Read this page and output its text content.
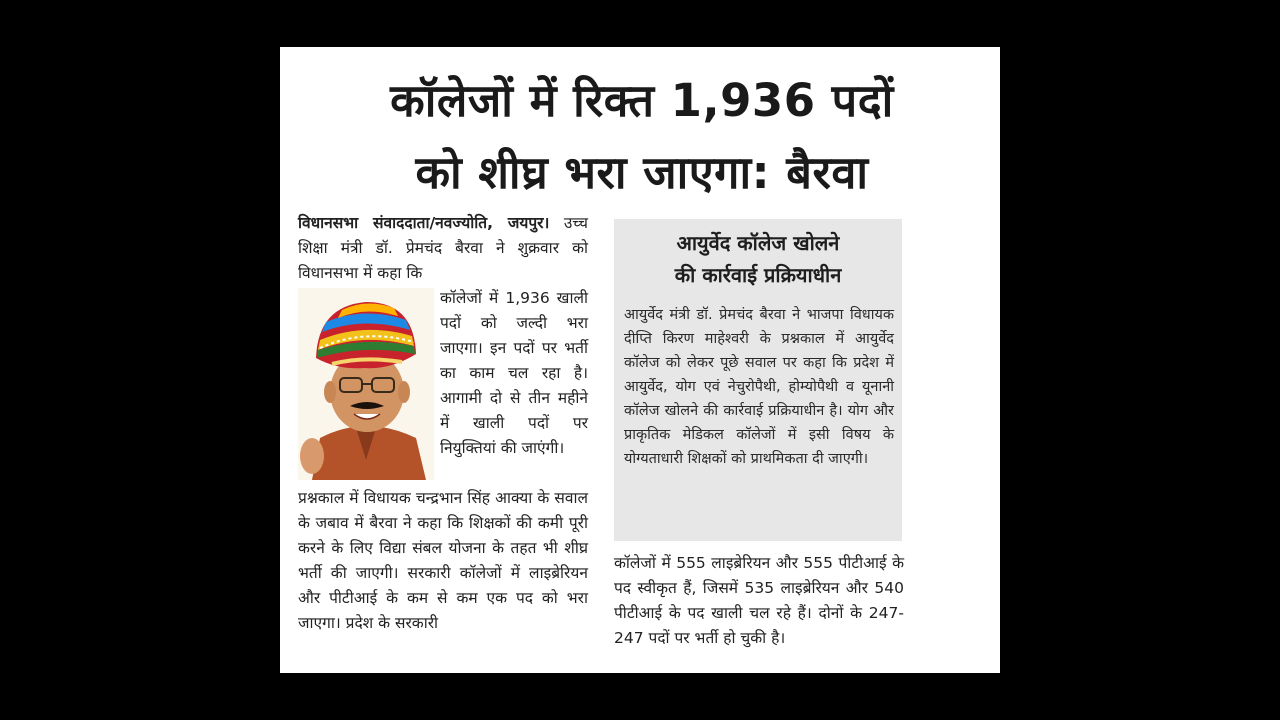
कॉलेजों में रिक्त 1,936 पदों
को शीघ्र भरा जाएगा: बैरवा
विधानसभा संवाददाता/नवज्योति, जयपुर। उच्च शिक्षा मंत्री डॉ. प्रेमचंद बैरवा ने शुक्रवार को विधानसभा में कहा कि
कॉलेजों में 1,936 खाली पदों को जल्दी भरा जाएगा। इन पदों पर भर्ती का काम चल रहा है। आगामी दो से तीन महीने में खाली पदों पर नियुक्तियां की जाएंगी।
प्रश्नकाल में विधायक चन्द्रभान सिंह आक्या के सवाल के जबाव में बैरवा ने कहा कि शिक्षकों की कमी पूरी करने के लिए विद्या संबल योजना के तहत भी शीघ्र भर्ती की जाएगी। सरकारी कॉलेजों में लाइब्रेरियन और पीटीआई के कम से कम एक पद को भरा जाएगा। प्रदेश के सरकारी
आयुर्वेद कॉलेज खोलने
की कार्रवाई प्रक्रियाधीन
आयुर्वेद मंत्री डॉ. प्रेमचंद बैरवा ने भाजपा विधायक दीप्ति किरण माहेश्वरी के प्रश्नकाल में आयुर्वेद कॉलेज को लेकर पूछे सवाल पर कहा कि प्रदेश में आयुर्वेद, योग एवं नेचुरोपैथी, होम्योपैथी व यूनानी कॉलेज खोलने की कार्रवाई प्रक्रियाधीन है। योग और प्राकृतिक मेडिकल कॉलेजों में इसी विषय के योग्यताधारी शिक्षकों को प्राथमिकता दी जाएगी।
कॉलेजों में 555 लाइब्रेरियन और 555 पीटीआई के पद स्वीकृत हैं, जिसमें 535 लाइब्रेरियन और 540 पीटीआई के पद खाली चल रहे हैं। दोनों के 247-247 पदों पर भर्ती हो चुकी है।
